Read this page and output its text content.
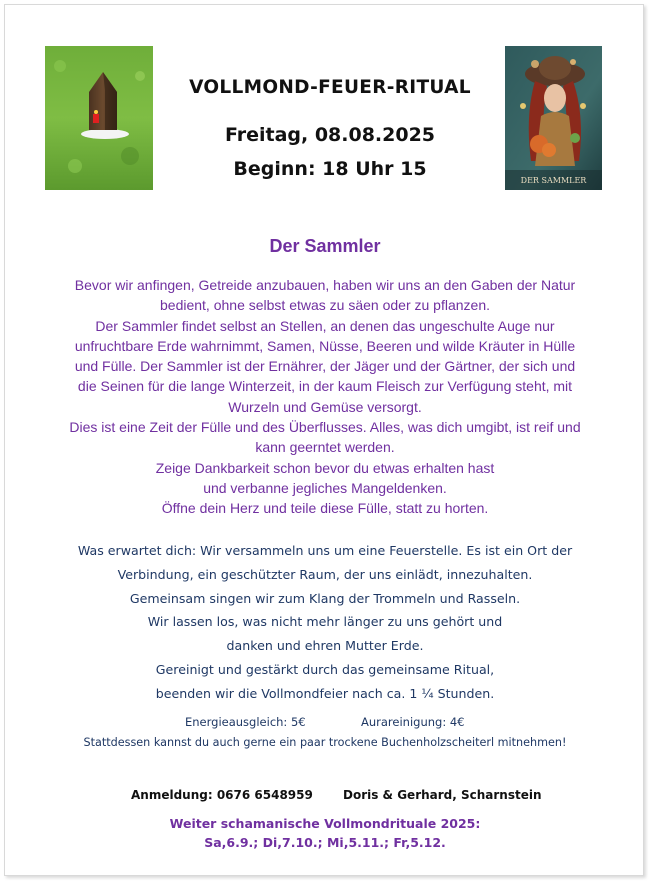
DER SAMMLER
VOLLMOND-FEUER-RITUAL
Freitag, 08.08.2025
Beginn: 18 Uhr 15
Der Sammler
Bevor wir anfingen, Getreide anzubauen, haben wir uns an den Gaben der Natur
bedient, ohne selbst etwas zu säen oder zu pflanzen.
Der Sammler findet selbst an Stellen, an denen das ungeschulte Auge nur
unfruchtbare Erde wahrnimmt, Samen, Nüsse, Beeren und wilde Kräuter in Hülle
und Fülle. Der Sammler ist der Ernährer, der Jäger und der Gärtner, der sich und
die Seinen für die lange Winterzeit, in der kaum Fleisch zur Verfügung steht, mit
Wurzeln und Gemüse versorgt.
Dies ist eine Zeit der Fülle und des Überflusses. Alles, was dich umgibt, ist reif und
kann geerntet werden.
Zeige Dankbarkeit schon bevor du etwas erhalten hast
und verbanne jegliches Mangeldenken.
Öffne dein Herz und teile diese Fülle, statt zu horten.
Was erwartet dich: Wir versammeln uns um eine Feuerstelle. Es ist ein Ort der
Verbindung, ein geschützter Raum, der uns einlädt, innezuhalten.
Gemeinsam singen wir zum Klang der Trommeln und Rasseln.
Wir lassen los, was nicht mehr länger zu uns gehört und
danken und ehren Mutter Erde.
Gereinigt und gestärkt durch das gemeinsame Ritual,
beenden wir die Vollmondfeier nach ca. 1 ¼ Stunden.
Energieausgleich: 5€	Aurareinigung: 4€
Stattdessen kannst du auch gerne ein paar trockene Buchenholzscheiterl mitnehmen!
Anmeldung: 0676 6548959	Doris & Gerhard, Scharnstein
Weiter schamanische Vollmondrituale 2025:
Sa,6.9.; Di,7.10.; Mi,5.11.; Fr,5.12.
